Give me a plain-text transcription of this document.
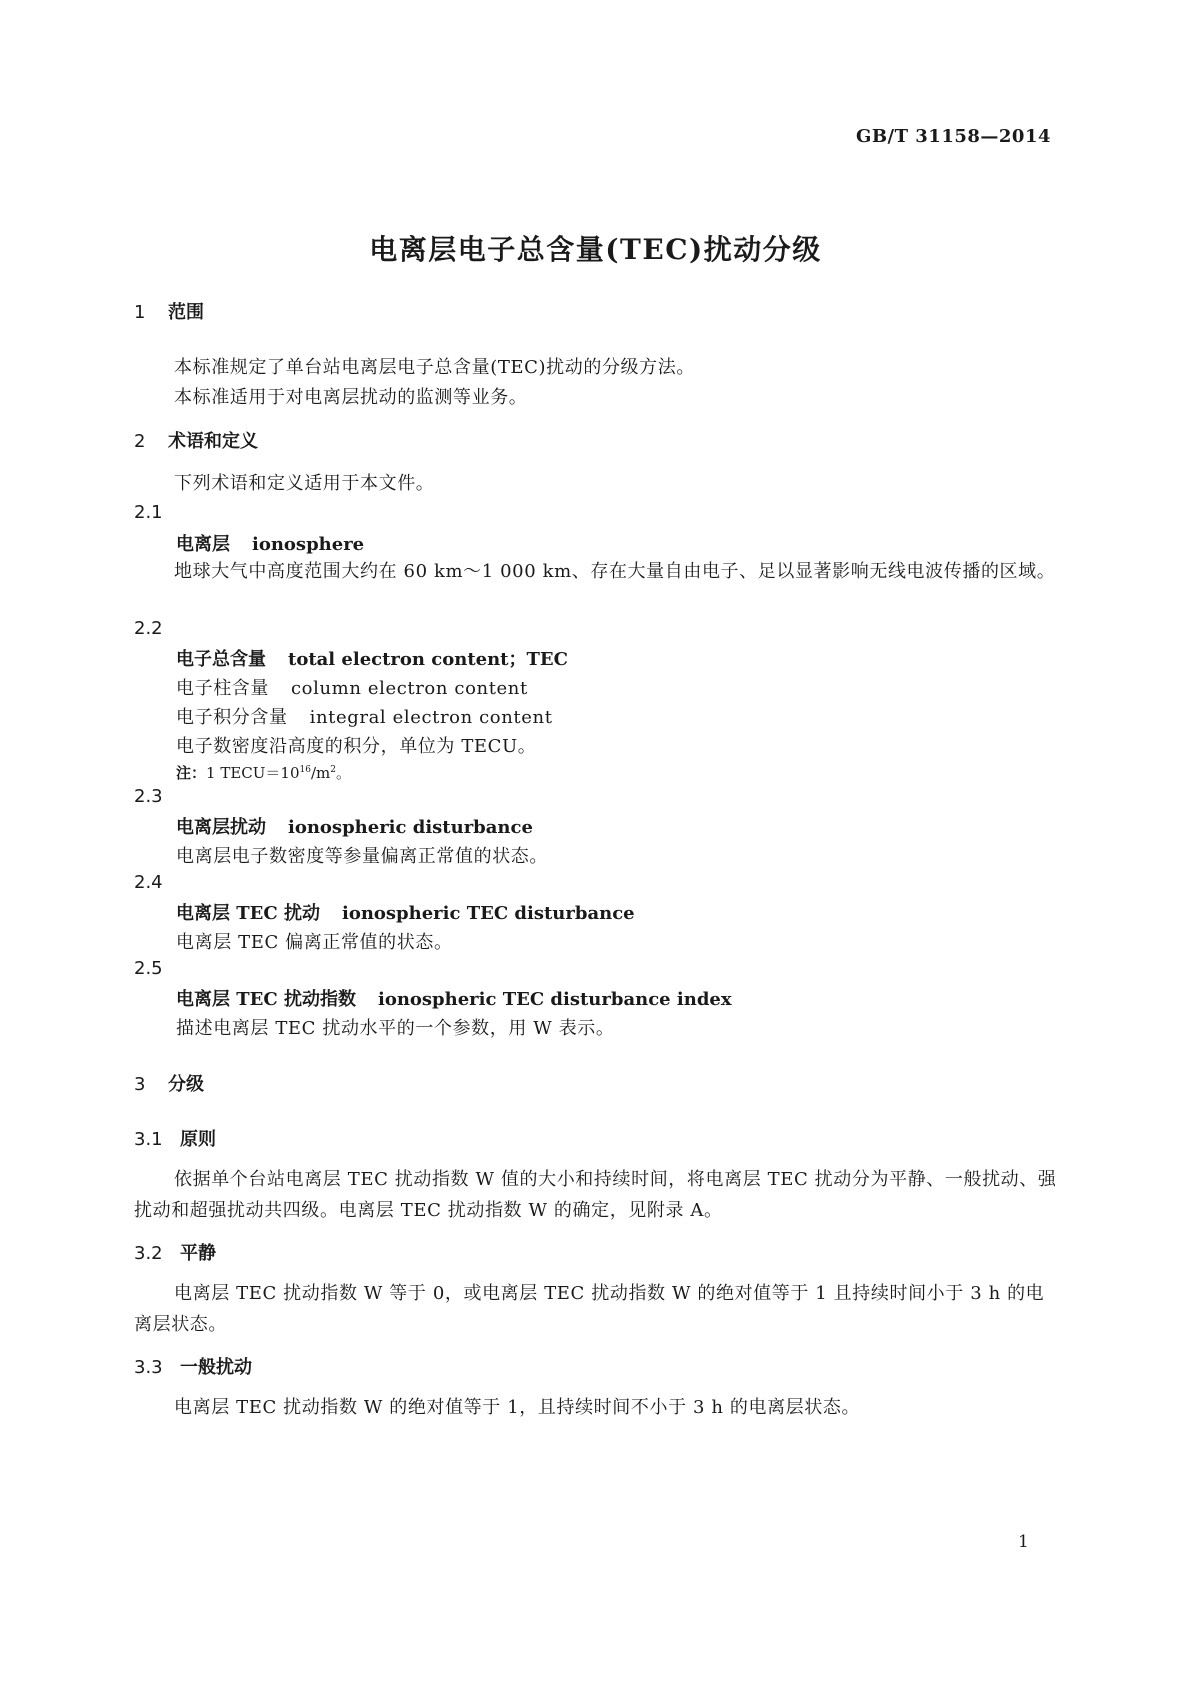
GB/T 31158—2014
电离层电子总含量(TEC)扰动分级
1 范围
本标准规定了单台站电离层电子总含量(TEC)扰动的分级方法。
本标准适用于对电离层扰动的监测等业务。
2 术语和定义
下列术语和定义适用于本文件。
2.1
电离层 ionosphere
地球大气中高度范围大约在 60 km～1 000 km、存在大量自由电子、足以显著影响无线电波传播的区域。
2.2
电子总含量 total electron content；TEC
电子柱含量 column electron content
电子积分含量 integral electron content
电子数密度沿高度的积分，单位为 TECU。
注：1 $TECU=10^{16}/m^2$。
2.3
电离层扰动 ionospheric disturbance
电离层电子数密度等参量偏离正常值的状态。
2.4
电离层 TEC 扰动 ionospheric TEC disturbance
电离层 TEC 偏离正常值的状态。
2.5
电离层 TEC 扰动指数 ionospheric TEC disturbance index
描述电离层 TEC 扰动水平的一个参数，用 W 表示。
3 分级
3.1 原则
依据单个台站电离层 TEC 扰动指数 W 值的大小和持续时间，将电离层 TEC 扰动分为平静、一般扰动、强扰动和超强扰动共四级。电离层 TEC 扰动指数 W 的确定，见附录 A。
3.2 平静
电离层 TEC 扰动指数 W 等于 0，或电离层 TEC 扰动指数 W 的绝对值等于 1 且持续时间小于 3 h 的电离层状态。
3.3 一般扰动
电离层 TEC 扰动指数 W 的绝对值等于 1，且持续时间不小于 3 h 的电离层状态。
1
